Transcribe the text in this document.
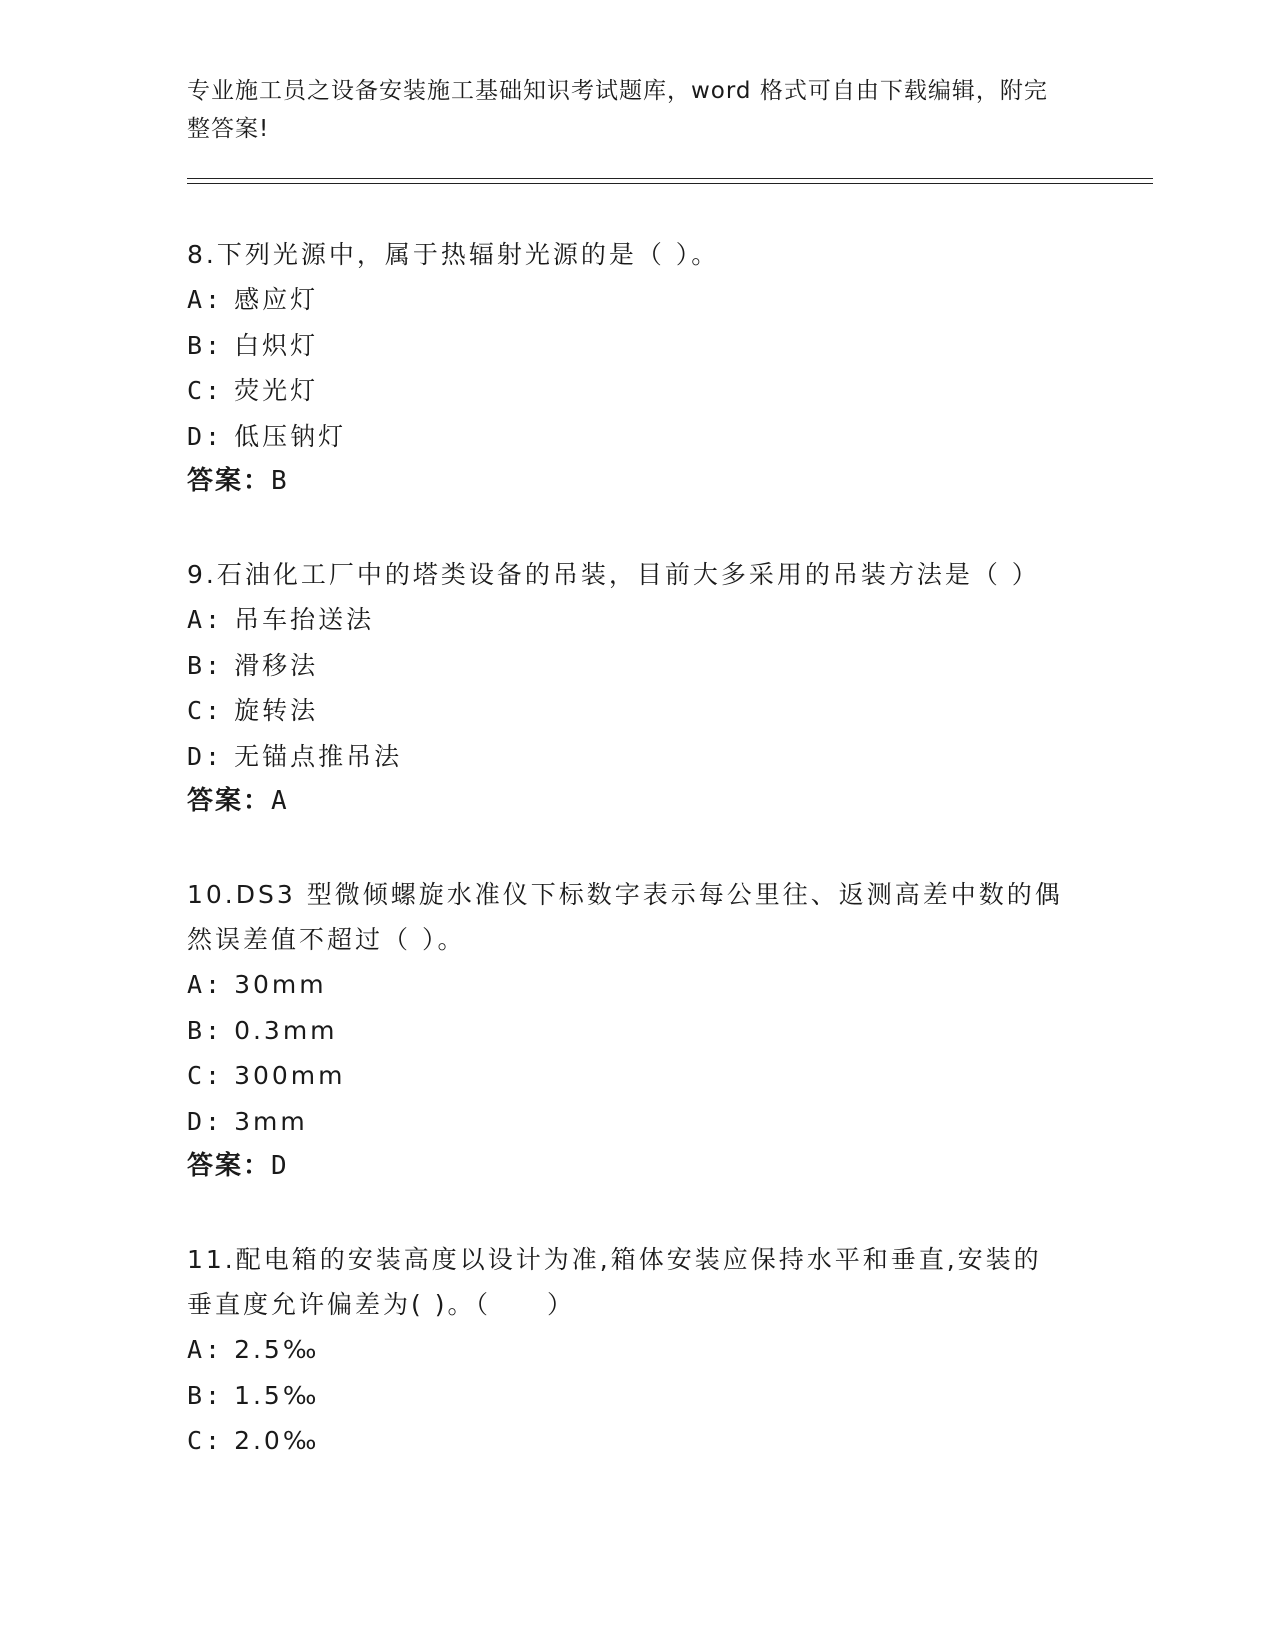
专业施工员之设备安装施工基础知识考试题库，word 格式可自由下载编辑，附完
整答案!
8.下列光源中，属于热辐射光源的是（ ）。
A: 感应灯
B: 白炽灯
C: 荧光灯
D: 低压钠灯
答案：B
9.石油化工厂中的塔类设备的吊装，目前大多采用的吊装方法是（ ）
A: 吊车抬送法
B: 滑移法
C: 旋转法
D: 无锚点推吊法
答案：A
10.DS3 型微倾螺旋水准仪下标数字表示每公里往、返测高差中数的偶
然误差值不超过（ ）。
A: 30mm
B: 0.3mm
C: 300mm
D: 3mm
答案：D
11.配电箱的安装高度以设计为准,箱体安装应保持水平和垂直,安装的
垂直度允许偏差为( )。（　　）
A: 2.5‰
B: 1.5‰
C: 2.0‰
